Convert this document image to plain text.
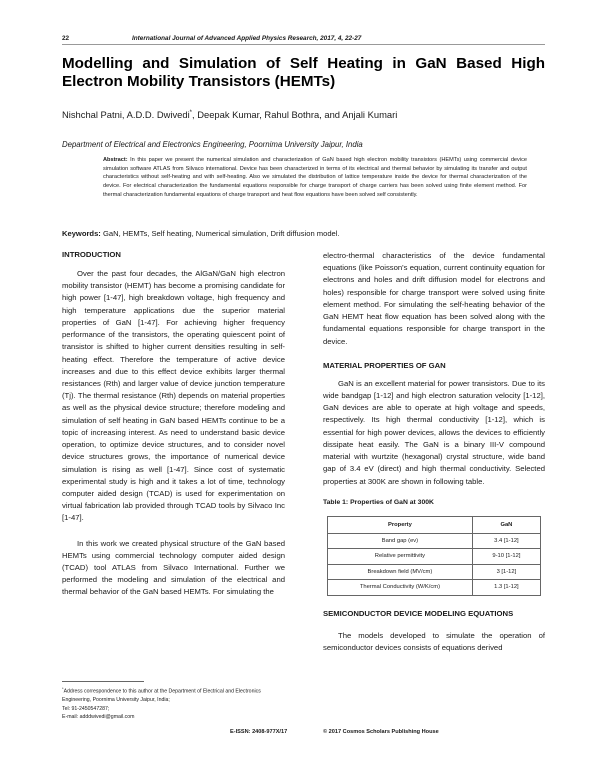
22	International Journal of Advanced Applied Physics Research, 2017, 4, 22-27
Modelling and Simulation of Self Heating in GaN Based High Electron Mobility Transistors (HEMTs)
Nishchal Patni, A.D.D. Dwivedi*, Deepak Kumar, Rahul Bothra, and Anjali Kumari
Department of Electrical and Electronics Engineering, Poornima University Jaipur, India

Abstract: In this paper we present the numerical simulation and characterization of GaN based high electron mobility transistors (HEMTs) using commercial device simulation software ATLAS from Silvaco international. Device has been characterized in terms of its electrical and thermal behavior by simulating its transfer and output characteristics without self-heating and with self-heating. Also we simulated the distribution of lattice temperature inside the device for thermal characterization of the device. For electrical characterization the fundamental equations responsible for charge transport of charge carriers has been solved using finite element method. For thermal characterization fundamental equations of charge transport and heat flow equations have been solved self consistently.

Keywords: GaN, HEMTs, Self heating, Numerical simulation, Drift diffusion model.
INTRODUCTION

Over the past four decades, the AlGaN/GaN high electron mobility transistor (HEMT) has become a promising candidate for high power [1-47], high breakdown voltage, high frequency and high temperature applications due the superior material properties of GaN [1-47]. For achieving higher frequency performance of the transistors, the operating quiescent point of transistor is shifted to higher current densities resulting in self-heating effect. Therefore the temperature of active device increases and due to this effect device exhibits larger thermal resistances (Rth) and larger value of device junction temperature (Tj). The thermal resistance (Rth) depends on material properties as well as the physical device structure; therefore modeling and simulation of self heating in GaN based HEMTs continue to be a topic of increasing interest. As need to understand basic device operation, to optimize device structures, and to consider novel device structures grows, the importance of numerical device simulation is rising as well [1-47]. Since cost of systematic experimental study is high and it takes a lot of time, technology computer aided design (TCAD) is used for experimentation on virtual fabrication lab provided through TCAD tools by Silvaco Inc [1-47].

In this work we created physical structure of the GaN based HEMTs using commercial technology computer aided design (TCAD) tool ATLAS from Silvaco International. Further we performed the modeling and simulation of the electrical and thermal behavior of the GaN based HEMTs. For simulating the

electro-thermal characteristics of the device fundamental equations (like Poisson's equation, current continuity equation for electrons and holes and drift diffusion model for electrons and holes) responsible for charge transport were solved using finite element method. For simulating the self-heating behavior of the GaN HEMT heat flow equation has been solved along with the fundamental equations responsible for charge transport in the device.

MATERIAL PROPERTIES OF GAN

GaN is an excellent material for power transistors. Due to its wide bandgap [1-12] and high electron saturation velocity [1-12], GaN devices are able to operate at high voltage and speeds, respectively. Its high thermal conductivity [1-12], which is essential for high power devices, allows the devices to efficiently dissipate heat easily. The GaN is a binary III-V compound material with wurtzite (hexagonal) crystal structure, wide band gap of 3.4 eV (direct) and high thermal conductivity. Selected properties at 300K are shown in following table.

Table 1: Properties of GaN at 300K

Property	GaN
Band gap (ev)	3.4 [1-12]
Relative permittivity	9-10 [1-12]
Breakdown field (MV/cm)	3 [1-12]
Thermal Conductivity (W/K/cm)	1.3 [1-12]
SEMICONDUCTOR DEVICE MODELING EQUATIONS

The models developed to simulate the operation of semiconductor devices consists of equations derived

*Address correspondence to this author at the Department of Electrical and Electronics Engineering, Poornima University Jaipur, India;
Tel: 91-2450547287;
E-mail: adddwivedi@gmail.com

E-ISSN: 2408-977X/17	© 2017 Cosmos Scholars Publishing House
